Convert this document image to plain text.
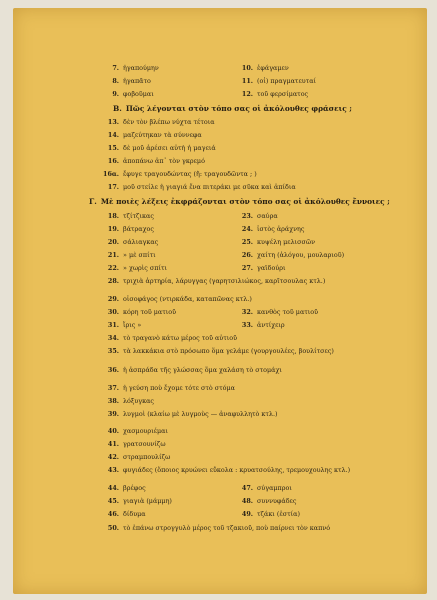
7. ἠγαπούμην	10. ἐφάγαμεν
8. ἠγαπᾶτο	11. (οἱ) πραγματευταί
9. φοβοῦμαι	12. τοῦ φερσίματος
Β. Πῶς λέγονται στὸν τόπο σας οἱ ἀκόλουθες φράσεις ;
13. δὲν τὸν βλέπω νύχτα τέτοια
14. μαζεύτηκαν τὰ σύννεφα
15. δὲ μοῦ ἀρέσει αὐτὴ ἡ μαγειά
16. ἀποπάνω ἀπ᾽ τὸν γκρεμό
16α. ἔφυγε τραγουδώντας (ἤ: τραγουδῶντα ; )
17. μοῦ στείλε ἡ γιαγιά ἕνα πιτεράκι με σῦκα καὶ ἀπίδια
Γ. Μὲ ποιὲς λέξεις ἐκφράζονται στὸν τόπο σας οἱ ἀκόλουθες ἔννοιες ;
18. τζίτζικας	23. σαύρα
19. βάτραχος	24. ἱστὸς ἀράχνης
20. σάλιαγκας	25. κυψέλη μελισσῶν
21. » μὲ σπίτι	26. χαίτη (ἀλόγου, μουλαριοῦ)
22. » χωρὶς σπίτι	27. γαϊδούρι
28. τριχιὰ ἀρτηρία, λάρυγγας (γαρητσιλιώκος, καρῖτσουλας κτλ.)
29. οἰσοφάγος (ντιρκάδα, καταπῶνας κτλ.)
30. κόρη τοῦ ματιοῦ	32. κανθὸς τοῦ ματιοῦ
31. ἴρις »	33. ἀντίχειρ
34. τὸ τραγανὸ κάτω μέρος τοῦ αὐτιοῦ
35. τὰ λακκάκια στὸ πρόσωπο ὅμα γελάμε (γουργουλέες, βουλίτσες)
36. ἡ ἀσπράδα τῆς γλώσσας ὅμα χαλάση τὸ στομάχι
37. ἡ γεύση ποὺ ἔχομε τότε στὸ στόμα
38. λόξυγκας
39. λυγμοὶ (κλαίω μὲ λυγμοὺς — ἀναφυλλητὸ κτλ.)
40. χασμουριέμαι
41. γρατσουνίζω
42. στραμπουλίζω
43. φυγιάδες (ὅποιος κρυώνει εὔκολα : κρυατσούλης, τρεμουχουλης κτλ.)
44. βρέφος	47. σύγαμπροι
45. γιαγιὰ (μάμμη)	48. συννυφάδες
46. δίδυμα	49. τζάκι (ἑστία)
50. τὸ ἐπάνω στρογγυλὸ μέρος τοῦ τζακιοῦ, ποὺ παίρνει τὸν καπνό
